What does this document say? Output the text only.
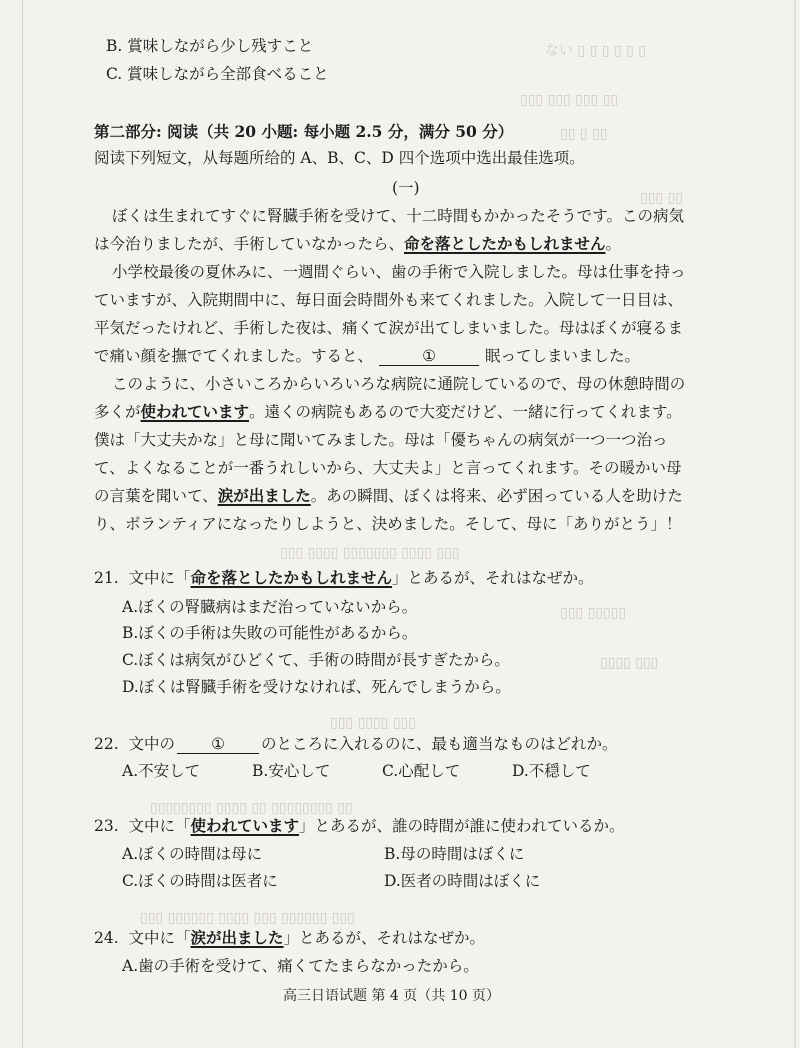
ない ▯ ▯ ▯ ▯ ▯ ▯
▯▯▯ ▯▯▯ ▯▯▯ ▯▯
▯▯ ▯ ▯▯
▯▯▯ ▯▯
▯▯▯ ▯▯▯▯ ▯▯▯▯▯▯▯ ▯▯▯▯ ▯▯▯
▯▯▯ ▯▯▯▯▯
▯▯▯▯ ▯▯▯
▯▯▯ ▯▯▯▯ ▯▯▯
▯▯▯▯▯▯▯▯ ▯▯▯▯ ▯▯ ▯▯▯▯▯▯▯▯ ▯▯
▯▯▯ ▯▯▯▯▯▯ ▯▯▯▯ ▯▯▯ ▯▯▯▯▯▯ ▯▯▯
B. 賞味しながら少し残すこと
C. 賞味しながら全部食べること
第二部分: 阅读（共 20 小题: 每小题 2.5 分，满分 50 分）
阅读下列短文，从每题所给的 A、B、C、D 四个选项中选出最佳选项。
(一)
ぼくは生まれてすぐに腎臓手術を受けて、十二時間もかかったそうです。この病気
は今治りましたが、手術していなかったら、命を落としたかもしれません。
小学校最後の夏休みに、一週間ぐらい、歯の手術で入院しました。母は仕事を持っ
ていますが、入院期間中に、毎日面会時間外も来てくれました。入院して一日目は、
平気だったけれど、手術した夜は、痛くて涙が出てしまいました。母はぼくが寝るま
で痛い顔を撫でてくれました。すると、	①	眠ってしまいました。
このように、小さいころからいろいろな病院に通院しているので、母の休憩時間の
多くが使われています。遠くの病院もあるので大変だけど、一緒に行ってくれます。
僕は「大丈夫かな」と母に聞いてみました。母は「優ちゃんの病気が一つ一つ治っ
て、よくなることが一番うれしいから、大丈夫よ」と言ってくれます。その暖かい母
の言葉を聞いて、涙が出ました。あの瞬間、ぼくは将来、必ず困っている人を助けた
り、ボランティアになったりしようと、決めました。そして、母に「ありがとう」！
21. 文中に「命を落としたかもしれません」とあるが、それはなぜか。
A.ぼくの腎臓病はまだ治っていないから。
B.ぼくの手術は失敗の可能性があるから。
C.ぼくは病気がひどくて、手術の時間が長すぎたから。
D.ぼくは腎臓手術を受けなければ、死んでしまうから。
22. 文中の ① のところに入れるのに、最も適当なものはどれか。
A.不安して	B.安心して	C.心配して	D.不穏して
23. 文中に「使われています」とあるが、誰の時間が誰に使われているか。
A.ぼくの時間は母に	B.母の時間はぼくに
C.ぼくの時間は医者に	D.医者の時間はぼくに
24. 文中に「涙が出ました」とあるが、それはなぜか。
A.歯の手術を受けて、痛くてたまらなかったから。
高三日语试题 第 4 页（共 10 页）
